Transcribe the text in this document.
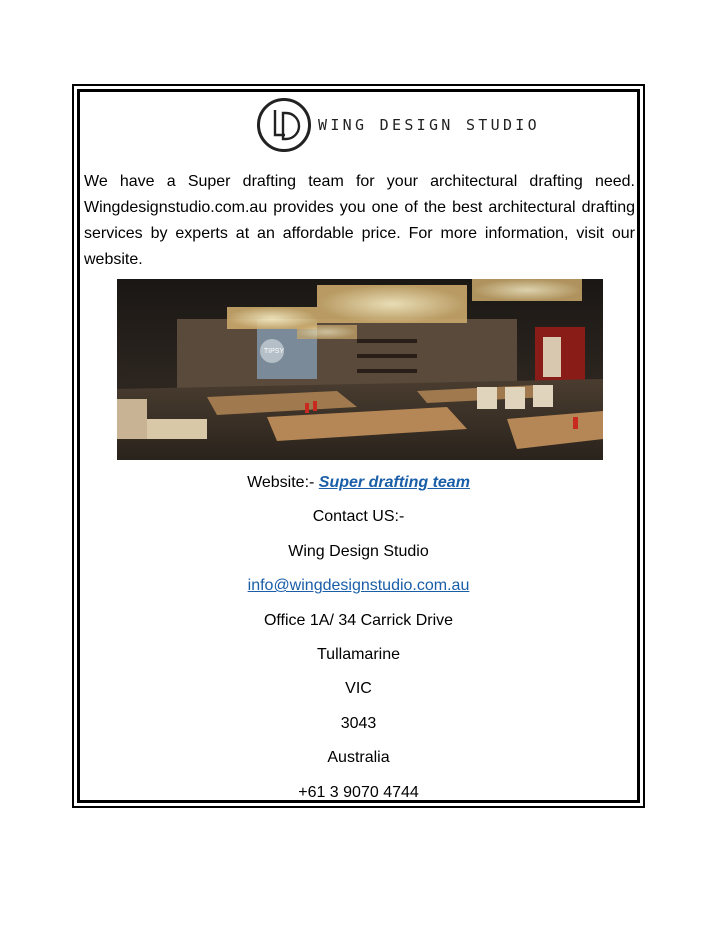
WING DESIGN STUDIO

We have a Super drafting team for your architectural drafting need. Wingdesignstudio.com.au provides you one of the best architectural drafting services by experts at an affordable price. For more information, visit our website.

TIPSY
Website:- Super drafting team
Contact US:-
Wing Design Studio
info@wingdesignstudio.com.au
Office 1A/ 34 Carrick Drive
Tullamarine
VIC
3043
Australia
+61 3 9070 4744
